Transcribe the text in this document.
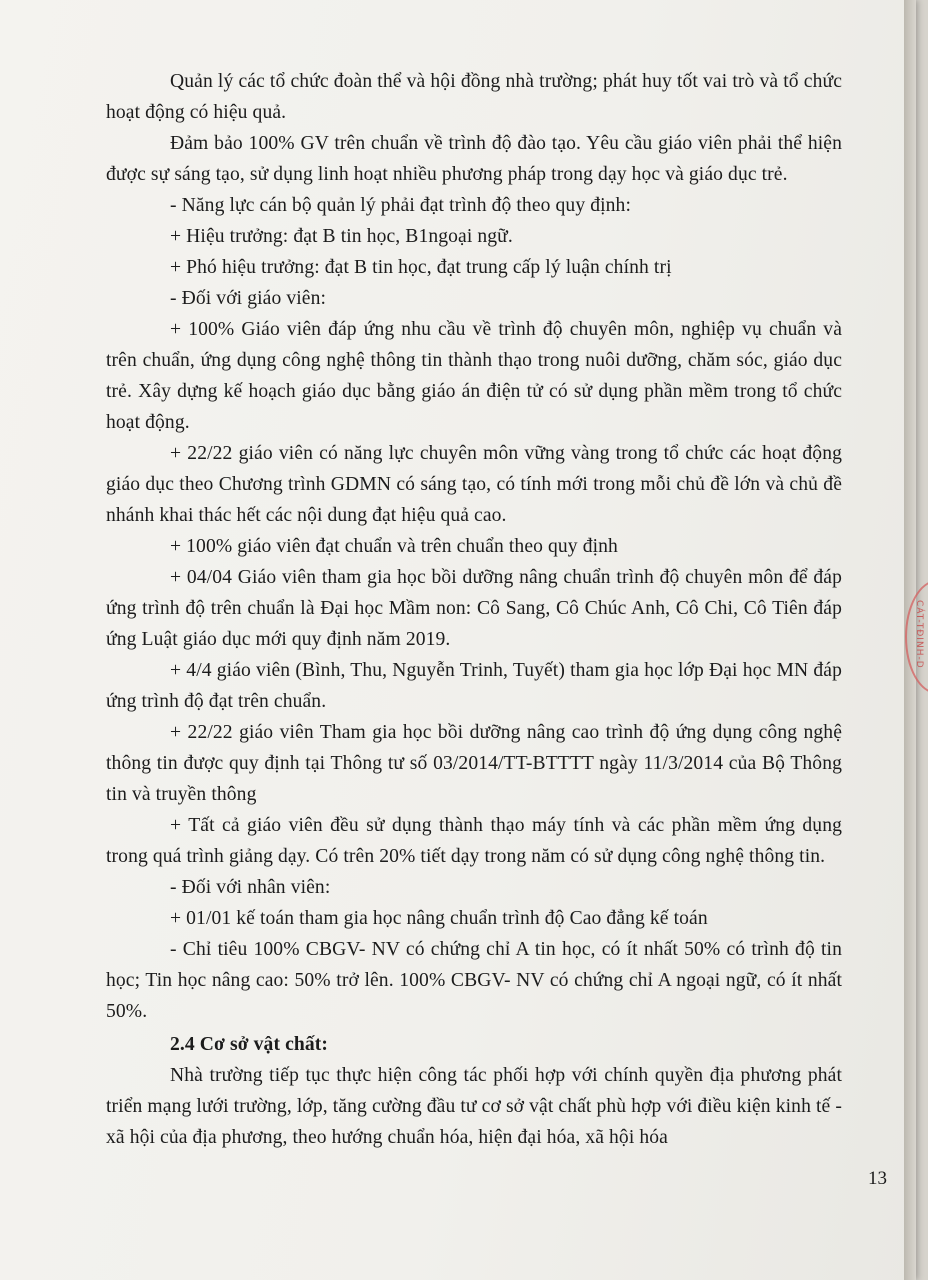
Quản lý các tổ chức đoàn thể và hội đồng nhà trường; phát huy tốt vai trò và tổ chức hoạt động có hiệu quả.

Đảm bảo 100% GV trên chuẩn về trình độ đào tạo. Yêu cầu giáo viên phải thể hiện được sự sáng tạo, sử dụng linh hoạt nhiều phương pháp trong dạy học và giáo dục trẻ.

- Năng lực cán bộ quản lý phải đạt trình độ theo quy định:

+ Hiệu trưởng: đạt B tin học, B1ngoại ngữ.

+ Phó hiệu trưởng: đạt B tin học, đạt trung cấp lý luận chính trị

- Đối với giáo viên:

+ 100% Giáo viên đáp ứng nhu cầu về trình độ chuyên môn, nghiệp vụ chuẩn và trên chuẩn, ứng dụng công nghệ thông tin thành thạo trong nuôi dưỡng, chăm sóc, giáo dục trẻ. Xây dựng kế hoạch giáo dục bằng giáo án điện tử có sử dụng phần mềm trong tổ chức hoạt động.

+ 22/22 giáo viên có năng lực chuyên môn vững vàng trong tổ chức các hoạt động giáo dục theo Chương trình GDMN có sáng tạo, có tính mới trong mỗi chủ đề lớn và chủ đề nhánh khai thác hết các nội dung đạt hiệu quả cao.

+ 100% giáo viên đạt chuẩn và trên chuẩn theo quy định

+ 04/04 Giáo viên tham gia học bồi dưỡng nâng chuẩn trình độ chuyên môn để đáp ứng trình độ trên chuẩn là Đại học Mầm non: Cô Sang, Cô Chúc Anh, Cô Chi, Cô Tiên đáp ứng Luật giáo dục mới quy định năm 2019.

+ 4/4 giáo viên (Bình, Thu, Nguyễn Trinh, Tuyết) tham gia học lớp Đại học MN đáp ứng trình độ đạt trên chuẩn.

+ 22/22 giáo viên Tham gia học bồi dưỡng nâng cao trình độ ứng dụng công nghệ thông tin được quy định tại Thông tư số 03/2014/TT-BTTTT ngày 11/3/2014 của Bộ Thông tin và truyền thông

+ Tất cả giáo viên đều sử dụng thành thạo máy tính và các phần mềm ứng dụng trong quá trình giảng dạy. Có trên 20% tiết dạy trong năm có sử dụng công nghệ thông tin.

- Đối với nhân viên:

+ 01/01 kế toán tham gia học nâng chuẩn trình độ Cao đẳng kế toán

- Chỉ tiêu 100% CBGV- NV có chứng chỉ A tin học, có ít nhất 50% có trình độ tin học; Tin học nâng cao: 50% trở lên. 100% CBGV- NV có chứng chỉ A ngoại ngữ, có ít nhất 50%.

2.4 Cơ sở vật chất:

Nhà trường tiếp tục thực hiện công tác phối hợp với chính quyền địa phương phát triển mạng lưới trường, lớp, tăng cường đầu tư cơ sở vật chất phù hợp với điều kiện kinh tế - xã hội của địa phương, theo hướng chuẩn hóa, hiện đại hóa, xã hội hóa

13
CÁT-TĐINH-D
